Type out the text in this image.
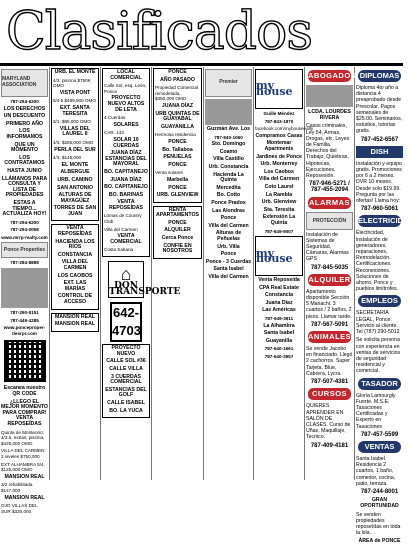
Clasificados
MARYLAND ASSOCIATION

787-294-6200

LOS DERECHOS

UN DESCUENTO

PRIMERO AÑO

LOS INFORMAMOS

QUE UN MOMENTO

LOS CONTRATAMOS

HASTA JUNIO

LLÁMANOS PARA CONSULTA Y LISTA DE PROPIEDADES

ESTAS A TIEMPO... ACTUALIZA HOY!

787-294-6200

787-294-0058

www.mrrp-realty.com

Ponce Properties

787-284-8888

787-290-5151

787-449-4285

www.ponceproper-tiesrpr.com

Escanea nuestro QR CODE

¿LLEGO EL MEJOR MOMENTO PARA COMPRAR! VENTA REPOSEÍDAS

Quinta de Monteorio: 4/3.5, extras, piscina, $425,000 OMO

VILLA DEL CARMEN 2 niveles $750,000

EXT ALHAMBRA 5/4, $125,000 OMO

MANSION REAL

3/2 rehabilitada $147,000

MANSION REAL

OJO VILLAS DEL SUR $320,000

URB. EL MONTE

4/3, piscina $750K OMO

VISTA PONT

5/4.5 $489,500 OMO

EXT. SANTA TERESITA

3/1, $85,000 OMO

VILLAS DEL LAUREL II

4/3, $285,000 OMO

PERLA DEL SUR

4/3, $145,000

EL MONTE

ALBERGUE

URB. CAMINO

SAN ANTONIO

ALTURAS DE MAYAGÜEZ

TORRES DE SAN JUAN

VENTA REPOSEÍDAS

HACIENDA LOS RÍOS

CONSTANCIA

VILLA DEL CARMEN

LOS CAOBOS

EXT. LAS MARÍAS

CONTROL DE ACCESO

MANSION REAL

MANSION REAL

LOCAL COMERCIAL

Calle Sol, esq. León, Ponce

PROYECTO NUEVO ALTOS DE LETA

4 Cuerdas

SOLARES

CAR. 143

SOLAR 10 CUERDAS

JUANA DÍAZ ESTANCIAS DEL MAYORAL

BO. CAPITANEJO

JUANA DÍAZ

BO. CAPITANEJO

BO. BARINAS

VENTA REPOSEÍDAS

Lomas de Country Club

Villa del Carmen

VENTA COMERCIAL

Costa Sabana

⌂
DON TRANSPORTE
642-4703

PROYECTO NUEVO

CALLE SOL #36

CALLE VILLA

3 CUERDAS COMERCIAL

ESTANCIAS DEL GOLF

CALLE ISABEL

BO. LA YUCA

PONCE

AÑO PASADO

Propiedad Comercial remodelada, $350,000 OMO

JUANA DÍAZ

URB QUINTAS DE GUAYABAL

GUAYANILLA

Hermosa residencia

PONCE

Bo. Tallaboa

PENUELAS

PONCE

Venta solares

Marbella

PONCE

URB. GLENVIEW

RENTA APARTAMENTOS

PONCE

ALQUILER

Cerca Ponce

CONFIE EN NOSOTROS

Premier

Guzmán Ave. Los

787-840-1060

Sto. Domingo

Coamo

Villa Castillo

Urb. Constancia

Hacienda La Quinta

Mercedita

Bo. Cotto

Ponce Prados

Las Alondras

Ponce

Villa del Carmen

Alturas de Peñuelas

Urb. Villa

Ponce

Ponce - 3 Cuerdas

Santa Isabel

Villa del Carmen

my house

Guille Méndez

787-843-1870

facebook.com/myhouseealty

Compramos Casas

Montemar Apartments

Jardines de Ponce

Urb. Monterrey

Los Caobos

Villa del Carmen

Coto Laurel

La Rambla

Urb. Glenview

Sta. Teresita

Extensión La Quinta

787-649-9007

my house

Venta Reposeída

CPA Real Estate

Constancia

Juana Díaz

Las Américas

787-949-3911

La Alhambra

Santa Isabel

Guayanilla

787-640-1661

787-640-3957

ABOGADOS

LCDA. LOURDES RIVERA

Casos criminales, Ley 54, Armas, Drogas, etc. Leyes de Familia. Derechos del Trabajo, Quiebras, Hipotecas, Ejecuciones, Reposesión.

787-946-5271 / 787-455-2094

ALARMAS
PROTECCIÓN

Instalación de Sistemas de Seguridad, Cámaras, Alarmas GPS

787-845-5035

ALQUILER

Apartamento disponible Sección 5 Mariachi. 3 cuartos / 2 baños, 2 pisos. Llamar tarde.

787-567-5091

ANIMALES

Se vende Jacobo en financiado. Llegó 2 cachorros. Super Tarjeta. Blue, Cabrera, Lycra.

787-507-4381

CURSOS

QUIERES APRENDER EN SALÓN DE CLASES. Curso de Uñas, Maquillaje, Tecnico.

787-409-4181

DIPLOMAS

Diploma 4to año a distancia 4 preaprobado desde Prescolar. Pagos semanales de $25.00. Seminarios, estudios, tutorías gratis.

787-452-6567

DISH

Instalación y equipo gratis. Promociones por 6 a 2 meses. DVR 10 meses. Desde solo $19.99. Pregunta por las ofertas! Llama hoy:

787-960-5061

ELECTRICIDAD

Electricidad, instalación de generadores, reparaciones, Remodelación. Certificaciones. Reconexiones. Soluciones de ahorro. Ponce y pueblos limítrofes.

EMPLEOS

SECRETARIA LEGAL, Ponce. Servicio al cliente. Tel (787) 290-5012

Se solicita persona con experiencia en ventas de servicios de seguridad residencial y comercial.

TASADOR

Gloria Lamourgly Fuerte. M.S.E. Tasaciones Certificadas y Experto en Tasaciones

787-457-5599

VENTAS

Santa Isabel. Residencia 2 cuartos, 1 baño, comedor, cocina, patio, terraza.

787-244-8001

GRAN OPORTUNIDAD

Se venden propiedades reposeídas en toda la Isla.

ÁREA de PONCE
